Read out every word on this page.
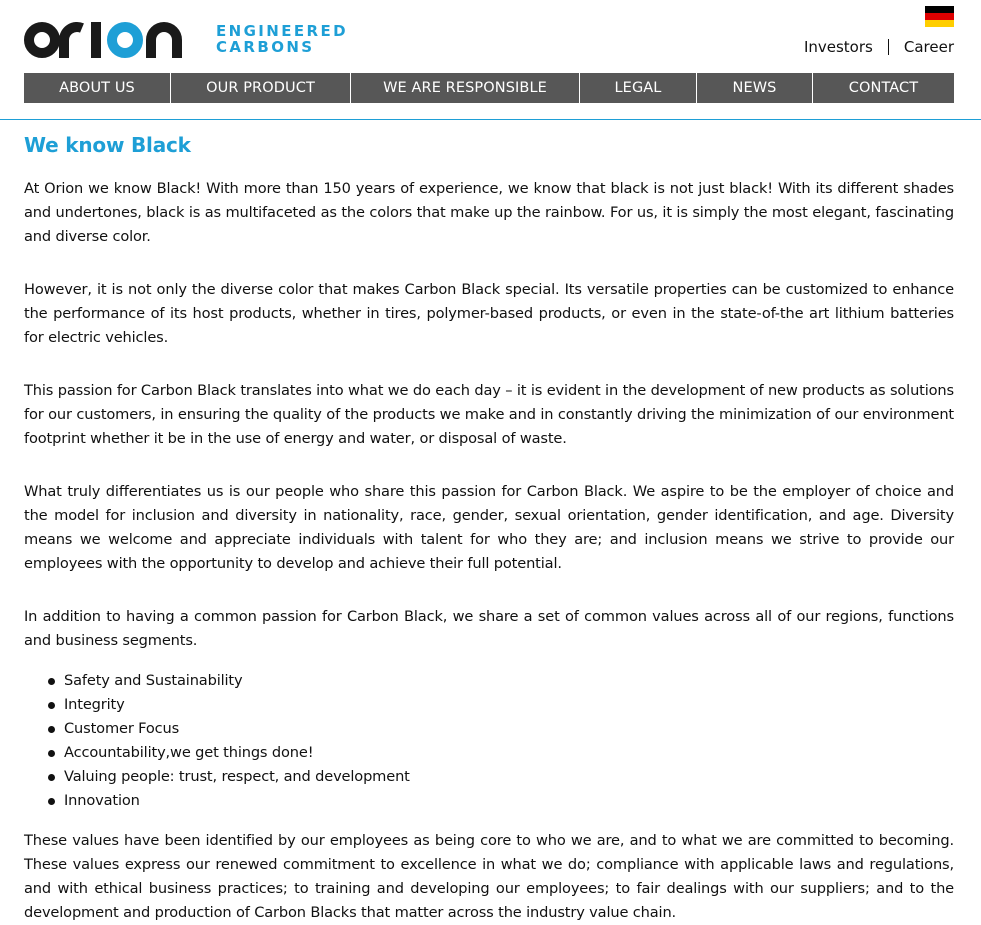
ENGINEERED
CARBONS	Investors Career
ABOUT US	OUR PRODUCT	WE ARE RESPONSIBLE	LEGAL	NEWS	CONTACT
We know Black

At Orion we know Black! With more than 150 years of experience, we know that black is not just black! With its different shades and undertones, black is as multifaceted as the colors that make up the rainbow. For us, it is simply the most elegant, fascinating and diverse color.

However, it is not only the diverse color that makes Carbon Black special. Its versatile properties can be customized to enhance the performance of its host products, whether in tires, polymer-based products, or even in the state-of-the art lithium batteries for electric vehicles.

This passion for Carbon Black translates into what we do each day – it is evident in the development of new products as solutions for our customers, in ensuring the quality of the products we make and in constantly driving the minimization of our environment footprint whether it be in the use of energy and water, or disposal of waste.

What truly differentiates us is our people who share this passion for Carbon Black. We aspire to be the employer of choice and the model for inclusion and diversity in nationality, race, gender, sexual orientation, gender identification, and age. Diversity means we welcome and appreciate individuals with talent for who they are; and inclusion means we strive to provide our employees with the opportunity to develop and achieve their full potential.

In addition to having a common passion for Carbon Black, we share a set of common values across all of our regions, functions and business segments.

Safety and Sustainability
Integrity
Customer Focus
Accountability,we get things done!
Valuing people: trust, respect, and development
Innovation

These values have been identified by our employees as being core to who we are, and to what we are committed to becoming. These values express our renewed commitment to excellence in what we do; compliance with applicable laws and regulations, and with ethical business practices; to training and developing our employees; to fair dealings with our suppliers; and to the development and production of Carbon Blacks that matter across the industry value chain.
